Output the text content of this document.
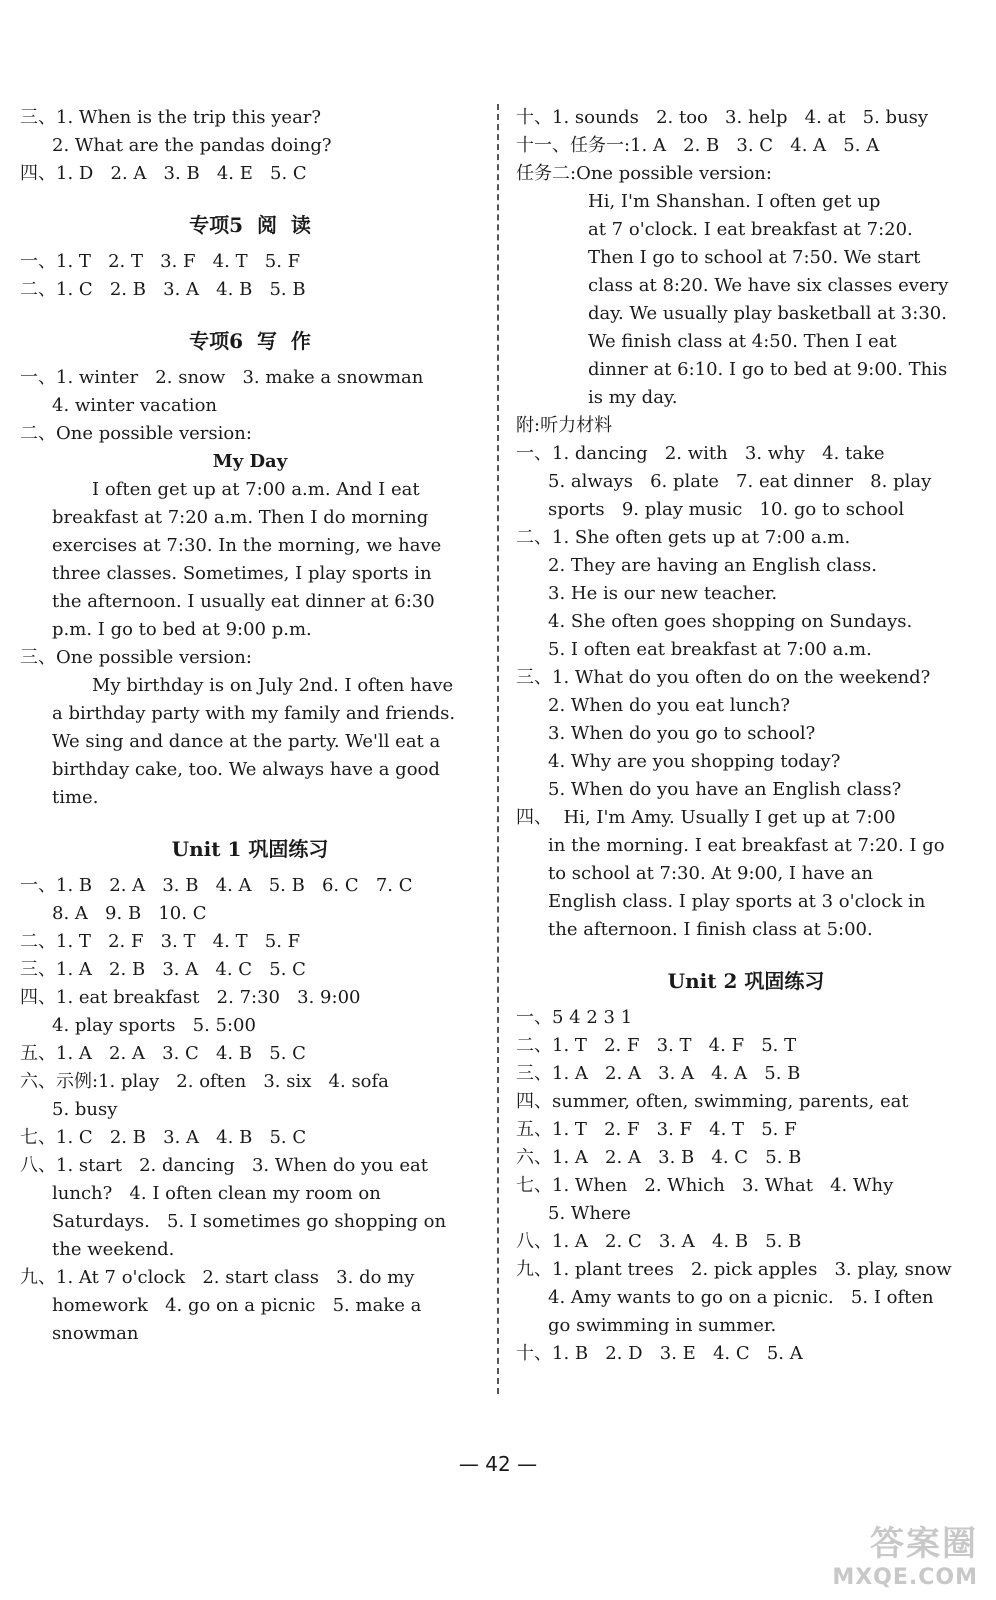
三、1. When is the trip this year?
2. What are the pandas doing?
四、1. D   2. A   3. B   4. E   5. C
专项5  阅  读
一、1. T   2. T   3. F   4. T   5. F
二、1. C   2. B   3. A   4. B   5. B
专项6  写  作
一、1. winter   2. snow   3. make a snowman
4. winter vacation
二、One possible version:
My Day
I often get up at 7:00 a.m. And I eat
breakfast at 7:20 a.m. Then I do morning
exercises at 7:30. In the morning, we have
three classes. Sometimes, I play sports in
the afternoon. I usually eat dinner at 6:30
p.m. I go to bed at 9:00 p.m.
三、One possible version:
My birthday is on July 2nd. I often have
a birthday party with my family and friends.
We sing and dance at the party. We'll eat a
birthday cake, too. We always have a good
time.
Unit 1 巩固练习
一、1. B   2. A   3. B   4. A   5. B   6. C   7. C
8. A   9. B   10. C
二、1. T   2. F   3. T   4. T   5. F
三、1. A   2. B   3. A   4. C   5. C
四、1. eat breakfast   2. 7:30   3. 9:00
4. play sports   5. 5:00
五、1. A   2. A   3. C   4. B   5. C
六、示例:1. play   2. often   3. six   4. sofa
5. busy
七、1. C   2. B   3. A   4. B   5. C
八、1. start   2. dancing   3. When do you eat
lunch?   4. I often clean my room on
Saturdays.   5. I sometimes go shopping on
the weekend.
九、1. At 7 o'clock   2. start class   3. do my
homework   4. go on a picnic   5. make a
snowman
十、1. sounds   2. too   3. help   4. at   5. busy
十一、任务一:1. A   2. B   3. C   4. A   5. A
任务二:One possible version:
Hi, I'm Shanshan. I often get up
at 7 o'clock. I eat breakfast at 7:20.
Then I go to school at 7:50. We start
class at 8:20. We have six classes every
day. We usually play basketball at 3:30.
We finish class at 4:50. Then I eat
dinner at 6:10. I go to bed at 9:00. This
is my day.
附:听力材料
一、1. dancing   2. with   3. why   4. take
5. always   6. plate   7. eat dinner   8. play
sports   9. play music   10. go to school
二、1. She often gets up at 7:00 a.m.
2. They are having an English class.
3. He is our new teacher.
4. She often goes shopping on Sundays.
5. I often eat breakfast at 7:00 a.m.
三、1. What do you often do on the weekend?
2. When do you eat lunch?
3. When do you go to school?
4. Why are you shopping today?
5. When do you have an English class?
四、  Hi, I'm Amy. Usually I get up at 7:00
in the morning. I eat breakfast at 7:20. I go
to school at 7:30. At 9:00, I have an
English class. I play sports at 3 o'clock in
the afternoon. I finish class at 5:00.
Unit 2 巩固练习
一、5 4 2 3 1
二、1. T   2. F   3. T   4. F   5. T
三、1. A   2. A   3. A   4. A   5. B
四、summer, often, swimming, parents, eat
五、1. T   2. F   3. F   4. T   5. F
六、1. A   2. A   3. B   4. C   5. B
七、1. When   2. Which   3. What   4. Why
5. Where
八、1. A   2. C   3. A   4. B   5. B
九、1. plant trees   2. pick apples   3. play, snow
4. Amy wants to go on a picnic.   5. I often
go swimming in summer.
十、1. B   2. D   3. E   4. C   5. A
— 42 —
答案圈
MXQE.COM
